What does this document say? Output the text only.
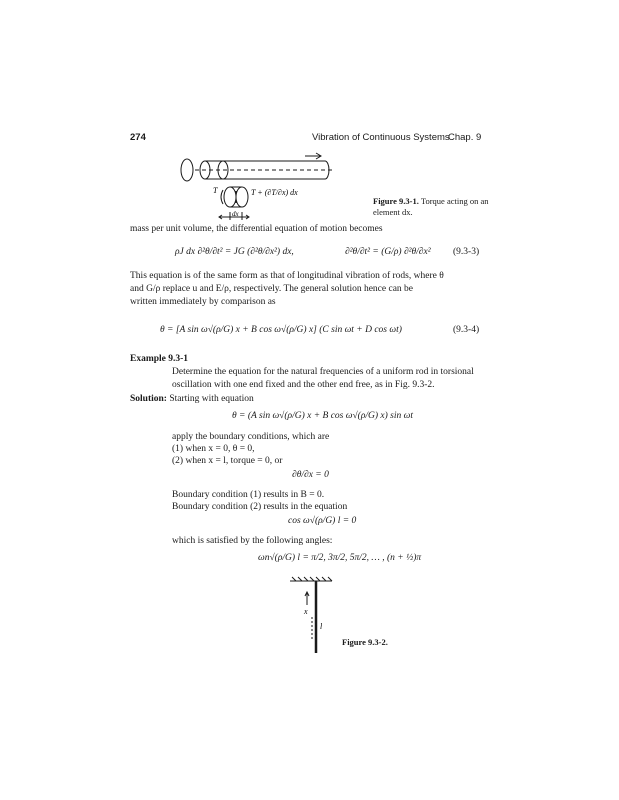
274	Vibration of Continuous Systems
Chap. 9
T	T + (∂T/∂x) dx
dx
Figure 9.3-1. Torque acting on an
element dx.
mass per unit volume, the differential equation of motion becomes
ρJ dx ∂²θ/∂t² = JG (∂²θ/∂x²) dx,	∂²θ/∂t² = (G/ρ) ∂²θ/∂x² (9.3-3)
This equation is of the same form as that of longitudinal vibration of rods, where θ
and G/ρ replace u and E/ρ, respectively. The general solution hence can be
written immediately by comparison as
θ = [A sin ω√(ρ/G) x + B cos ω√(ρ/G) x] (C sin ωt + D cos ωt)	(9.3-4)
Example 9.3-1
Determine the equation for the natural frequencies of a uniform rod in torsional
oscillation with one end fixed and the other end free, as in Fig. 9.3-2.
Solution: Starting with equation
θ = (A sin ω√(ρ/G) x + B cos ω√(ρ/G) x) sin ωt
apply the boundary conditions, which are
(1) when x = 0, θ = 0,
(2) when x = l, torque = 0, or
∂θ/∂x = 0
Boundary condition (1) results in B = 0.
Boundary condition (2) results in the equation
cos ω√(ρ/G) l = 0
which is satisfied by the following angles:
ωn√(ρ/G) l = π/2, 3π/2, 5π/2, … , (n + ½)π
x
l
Figure 9.3-2.
